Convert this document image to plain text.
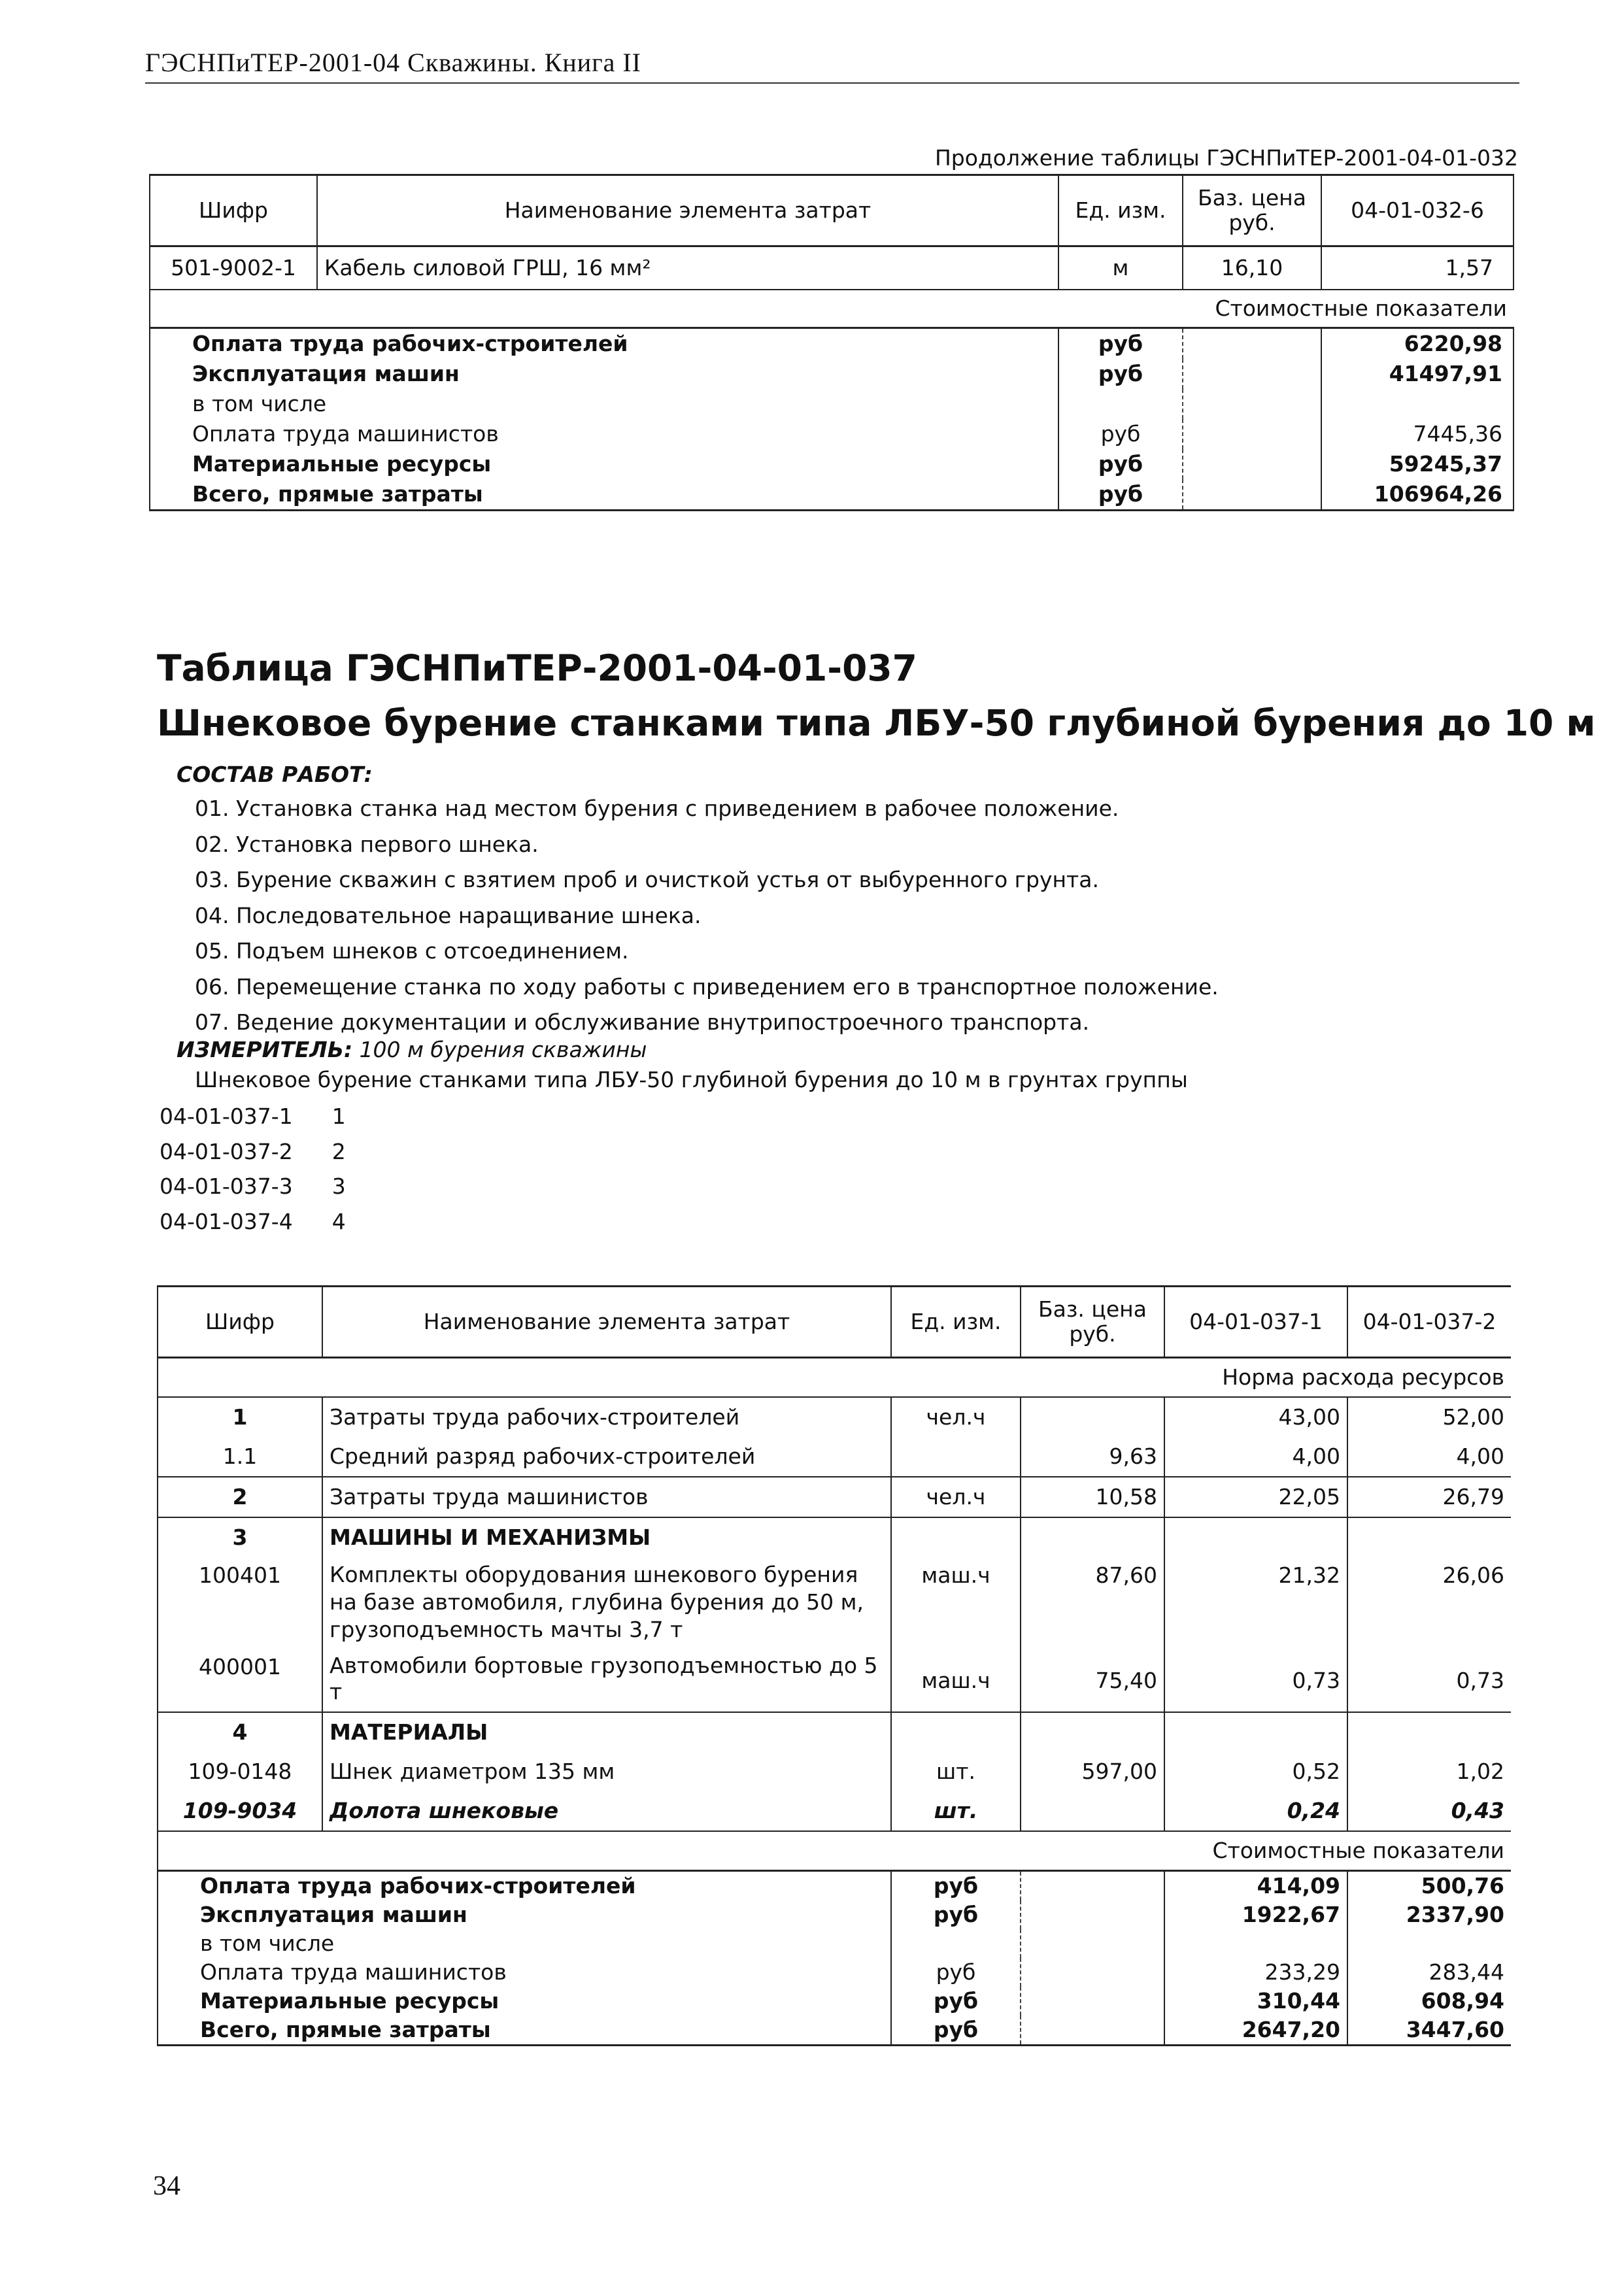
ГЭСНПиТЕР-2001-04 Скважины. Книга II
Продолжение таблицы ГЭСНПиТЕР-2001-04-01-032
Шифр	Наименование элемента затрат	Ед. изм.	Баз. цена руб.	04-01-032-6
501-9002-1	Кабель силовой ГРШ, 16 мм²	м	16,10	1,57
Стоимостные показатели				
Оплата труда рабочих-строителей		руб		6220,98
Эксплуатация машин		руб		41497,91
в том числе				
Оплата труда машинистов		руб		7445,36
Материальные ресурсы		руб		59245,37
Всего, прямые затраты		руб		106964,26
Таблица ГЭСНПиТЕР-2001-04-01-037
Шнековое бурение станками типа ЛБУ-50 глубиной бурения до 10 м
СОСТАВ РАБОТ:
01. Установка станка над местом бурения с приведением в рабочее положение.
02. Установка первого шнека.
03. Бурение скважин с взятием проб и очисткой устья от выбуренного грунта.
04. Последовательное наращивание шнека.
05. Подъем шнеков с отсоединением.
06. Перемещение станка по ходу работы с приведением его в транспортное положение.
07. Ведение документации и обслуживание внутрипостроечного транспорта.
ИЗМЕРИТЕЛЬ: 100 м бурения скважины
Шнековое бурение станками типа ЛБУ-50 глубиной бурения до 10 м в грунтах группы
04-01-037-1 1
04-01-037-2 2
04-01-037-3 3
04-01-037-4 4
Шифр	Наименование элемента затрат	Ед. изм.	Баз. цена руб.	04-01-037-1	04-01-037-2
Норма расхода ресурсов					
1	Затраты труда рабочих-строителей	чел.ч		43,00	52,00
1.1	Средний разряд рабочих-строителей		9,63	4,00	4,00
2	Затраты труда машинистов	чел.ч	10,58	22,05	26,79
3	МАШИНЫ И МЕХАНИЗМЫ				
100401	Комплекты оборудования шнекового бурения на базе автомобиля, глубина бурения до 50 м, грузоподъемность мачты 3,7 т	маш.ч	87,60	21,32	26,06
400001	Автомобили бортовые грузоподъемностью до 5 т	маш.ч	75,40	0,73	0,73
4	МАТЕРИАЛЫ				
109-0148	Шнек диаметром 135 мм	шт.	597,00	0,52	1,02
109-9034	Долота шнековые	шт.		0,24	0,43
Стоимостные показатели					
Оплата труда рабочих-строителей		руб		414,09	500,76
Эксплуатация машин		руб		1922,67	2337,90
в том числе					
Оплата труда машинистов		руб		233,29	283,44
Материальные ресурсы		руб		310,44	608,94
Всего, прямые затраты		руб		2647,20	3447,60
34
